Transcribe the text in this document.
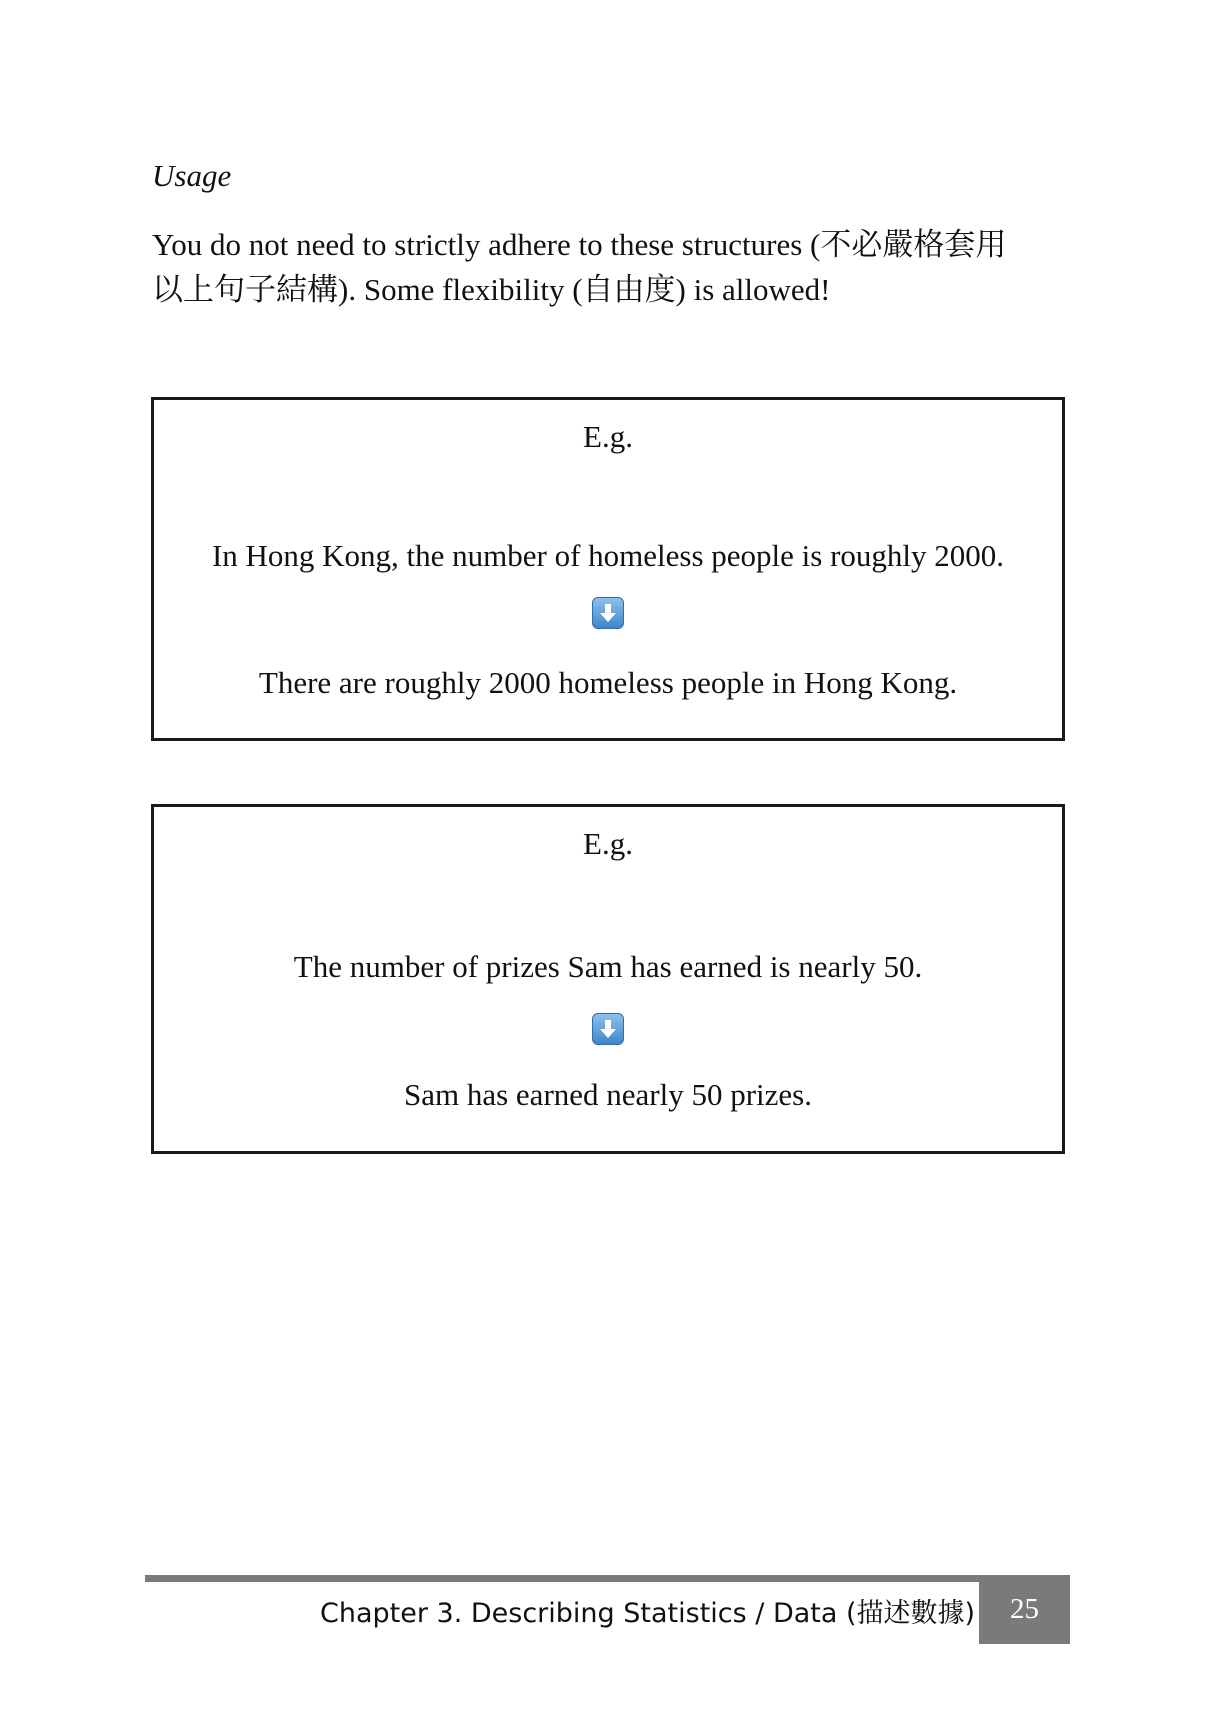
Usage

You do not need to strictly adhere to these structures (不必嚴格套用
以上句子結構). Some flexibility (自由度) is allowed!

E.g.
In Hong Kong, the number of homeless people is roughly 2000.
There are roughly 2000 homeless people in Hong Kong.
E.g.
The number of prizes Sam has earned is nearly 50.
Sam has earned nearly 50 prizes.
Chapter 3. Describing Statistics / Data (描述數據)	25
